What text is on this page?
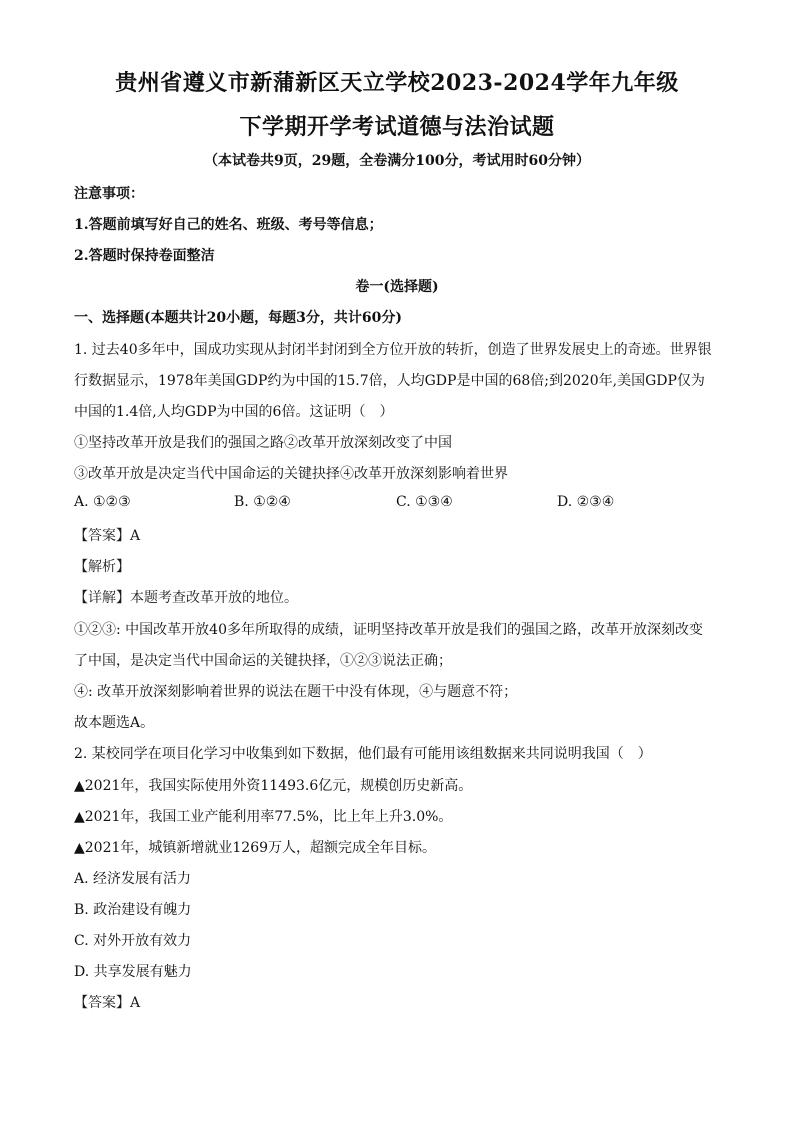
贵州省遵义市新蒲新区天立学校2023-2024学年九年级
下学期开学考试道德与法治试题
（本试卷共9页，29题，全卷满分100分，考试用时60分钟）
注意事项：
1.答题前填写好自己的姓名、班级、考号等信息；
2.答题时保持卷面整洁
卷一(选择题)
一、选择题(本题共计20小题，每题3分，共计60分)
1. 过去40多年中，国成功实现从封闭半封闭到全方位开放的转折，创造了世界发展史上的奇迹。世界银
行数据显示，1978年美国GDP约为中国的15.7倍，人均GDP是中国的68倍;到2020年,美国GDP仅为
中国的1.4倍,人均GDP为中国的6倍。这证明（　）
①坚持改革开放是我们的强国之路②改革开放深刻改变了中国
③改革开放是决定当代中国命运的关键抉择④改革开放深刻影响着世界
A. ①②③	B. ①②④	C. ①③④	D. ②③④
【答案】A
【解析】
【详解】本题考查改革开放的地位。
①②③: 中国改革开放40多年所取得的成绩，证明坚持改革开放是我们的强国之路，改革开放深刻改变
了中国，是决定当代中国命运的关键抉择，①②③说法正确；
④: 改革开放深刻影响着世界的说法在题干中没有体现，④与题意不符；
故本题选A。
2. 某校同学在项目化学习中收集到如下数据，他们最有可能用该组数据来共同说明我国（　）
▲2021年，我国实际使用外资11493.6亿元，规模创历史新高。
▲2021年，我国工业产能利用率77.5%，比上年上升3.0%。
▲2021年，城镇新增就业1269万人，超额完成全年目标。
A. 经济发展有活力
B. 政治建设有魄力
C. 对外开放有效力
D. 共享发展有魅力
【答案】A
